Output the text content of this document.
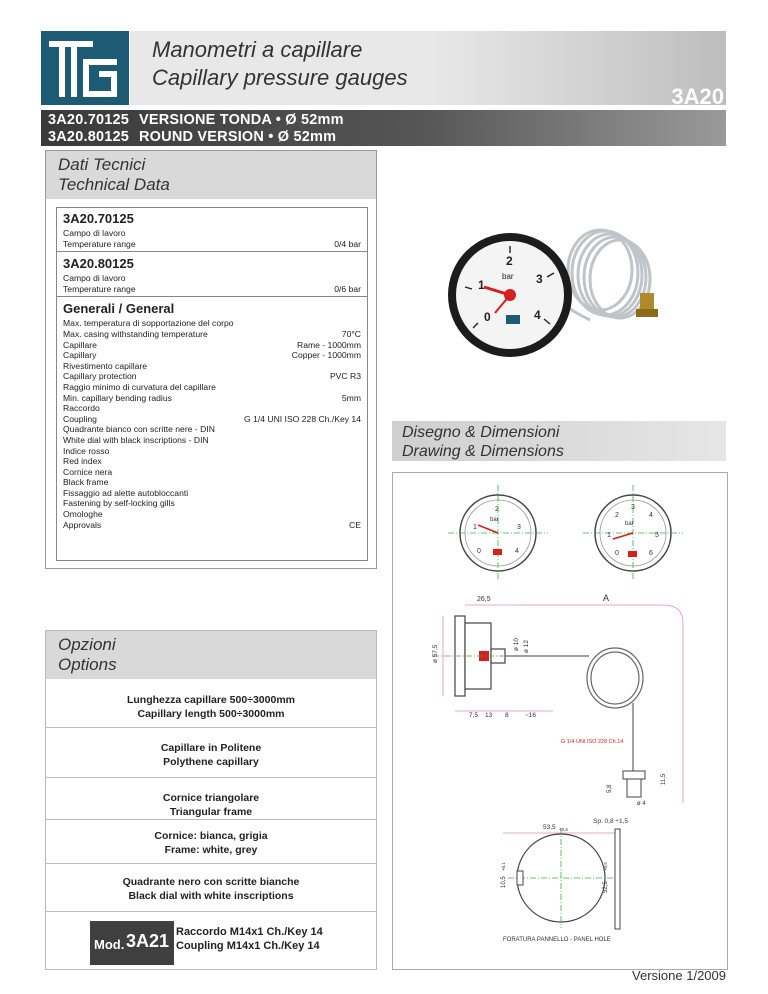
Manometri a capillare
Capillary pressure gauges
3A20
3A20.70125 VERSIONE TONDA • Ø 52mm
3A20.80125 ROUND VERSION • Ø 52mm
Dati Tecnici
Technical Data
3A20.70125
Campo di lavoro
Temperature range	0/4 bar
3A20.80125
Campo di lavoro
Temperature range	0/6 bar
Generali / General
Max. temperatura di sopportazione del corpo
Max. casing withstanding temperature	70°C
Capillare	Rame - 1000mm
Capillary	Copper - 1000mm
Rivestimento capillare
Capillary protection	PVC R3
Raggio minimo di curvatura del capillare
Min. capillary bending radius	5mm
Raccordo
Coupling	G 1/4 UNI ISO 228 Ch./Key 14
Quadrante bianco con scritte nere - DIN
White dial with black inscriptions - DIN
Indice rosso
Red index
Cornice nera
Black frame
Fissaggio ad alette autobloccanti
Fastening by self-locking gills
Omologhe
Approvals	CE
0
1
2
3
4
bar
Disegno & Dimensioni
Drawing & Dimensions
0
1
2
3
4
bar
0
1
2
3
4
5
6
bar
A
26,5
ø 57,5
ø 10 ø 12
7,5 13 8	~16
G 1/4 UNI ISO 228 Ch.14
11,5
5,8
ø 4
Sp. 0,8 ÷1,5
53,5 +0,5
52,5
+0,5
10,5
+0,1
FORATURA PANNELLO - PANEL HOLE
Opzioni
Options
Lunghezza capillare 500÷3000mm
Capillary length 500÷3000mm
Capillare in Politene
Polythene capillary
Cornice triangolare
Triangular frame
Cornice: bianca, grigia
Frame: white, grey
Quadrante nero con scritte bianche
Black dial with white inscriptions
Mod. 3A21 Raccordo M14x1 Ch./Key 14
Coupling M14x1 Ch./Key 14
Versione 1/2009
